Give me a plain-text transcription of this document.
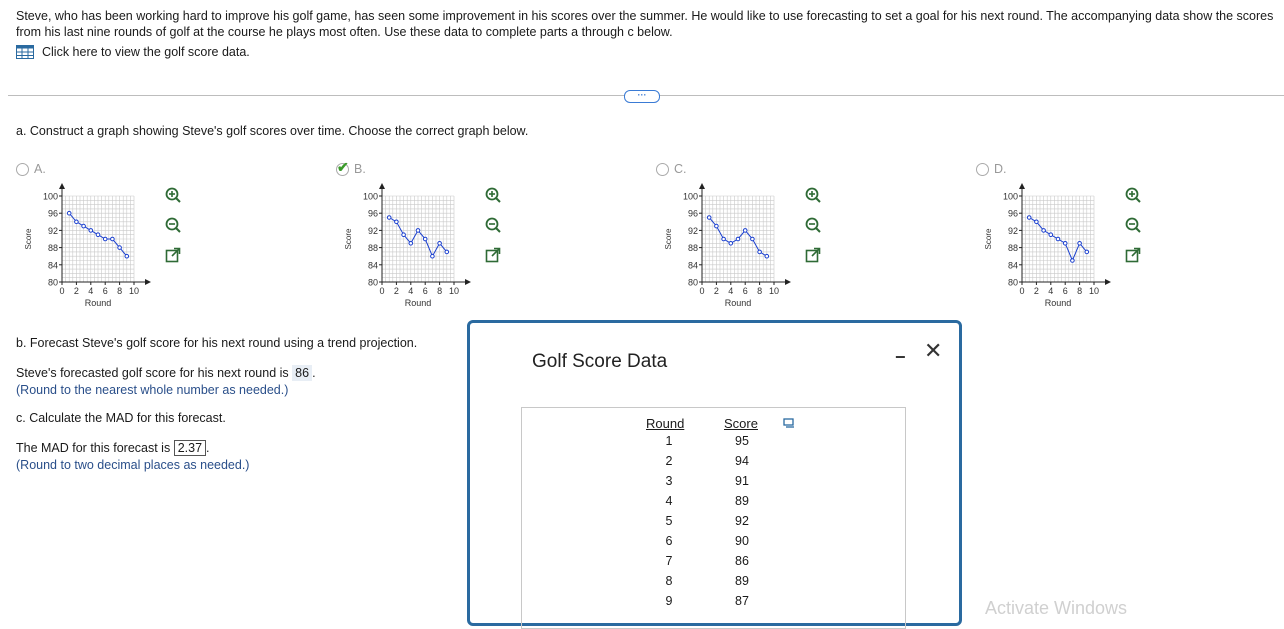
Steve, who has been working hard to improve his golf game, has seen some improvement in his scores over the summer. He would like to use forecasting to set a goal for his next round. The accompanying data show the scores from his last nine rounds of golf at the course he plays most often. Use these data to complete parts a through c below.
Click here to view the golf score data.
···
a. Construct a graph showing Steve's golf scores over time. Choose the correct graph below.
A.	✔ B.	C.	D.
100
96
92
88
84
80
0 2 4 6 8 10
Round
Score
100
96
92
88
84
80
0 2 4 6 8 10
Round
Score
100
96
92
88
84
80
0 2 4 6 8 10
Round
Score
100
96
92
88
84
80
0 2 4 6 8 10
Round
Score
b. Forecast Steve's golf score for his next round using a trend projection.
Steve's forecasted golf score for his next round is 86 .
(Round to the nearest whole number as needed.)
c. Calculate the MAD for this forecast.
The MAD for this forecast is 2.37 .
(Round to two decimal places as needed.)
Golf Score Data	− ✕
Round	Score
1	95
2	94
3	91
4	89
5	92
6	90
7	86
8	89
9	87	Activate Windows
